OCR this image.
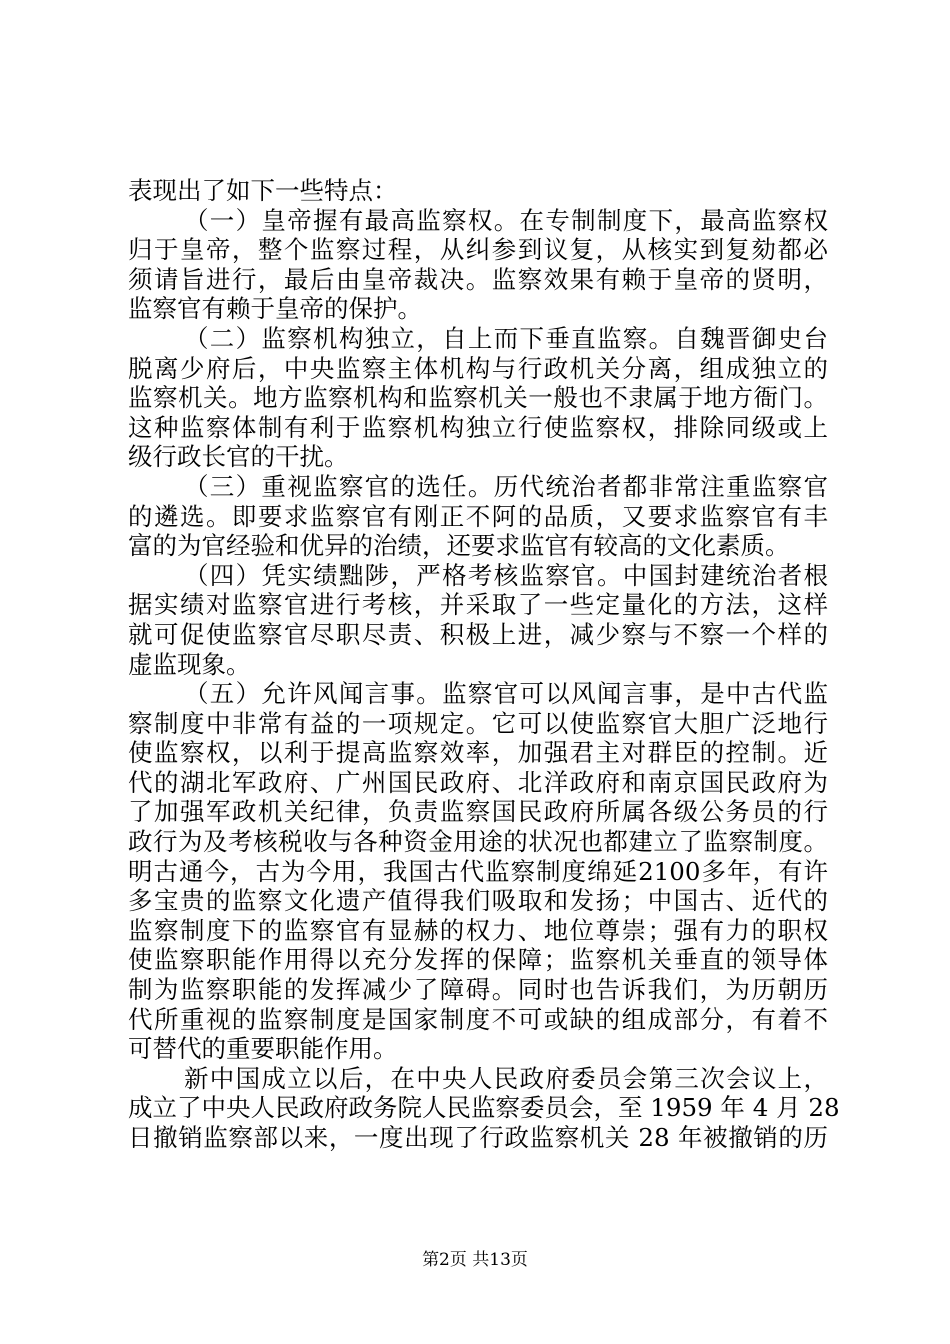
表现出了如下一些特点：
（一）皇帝握有最高监察权。在专制制度下，最高监察权
归于皇帝，整个监察过程，从纠参到议复，从核实到复劾都必
须请旨进行，最后由皇帝裁决。监察效果有赖于皇帝的贤明，
监察官有赖于皇帝的保护。
（二）监察机构独立，自上而下垂直监察。自魏晋御史台
脱离少府后，中央监察主体机构与行政机关分离，组成独立的
监察机关。地方监察机构和监察机关一般也不隶属于地方衙门。
这种监察体制有利于监察机构独立行使监察权，排除同级或上
级行政长官的干扰。
（三）重视监察官的选任。历代统治者都非常注重监察官
的遴选。即要求监察官有刚正不阿的品质，又要求监察官有丰
富的为官经验和优异的治绩，还要求监官有较高的文化素质。
（四）凭实绩黜陟，严格考核监察官。中国封建统治者根
据实绩对监察官进行考核，并采取了一些定量化的方法，这样
就可促使监察官尽职尽责、积极上进，减少察与不察一个样的
虚监现象。
（五）允许风闻言事。监察官可以风闻言事，是中古代监
察制度中非常有益的一项规定。它可以使监察官大胆广泛地行
使监察权，以利于提高监察效率，加强君主对群臣的控制。近
代的湖北军政府、广州国民政府、北洋政府和南京国民政府为
了加强军政机关纪律，负责监察国民政府所属各级公务员的行
政行为及考核税收与各种资金用途的状况也都建立了监察制度。
明古通今，古为今用，我国古代监察制度绵延2100多年，有许
多宝贵的监察文化遗产值得我们吸取和发扬；中国古、近代的
监察制度下的监察官有显赫的权力、地位尊崇；强有力的职权
使监察职能作用得以充分发挥的保障；监察机关垂直的领导体
制为监察职能的发挥减少了障碍。同时也告诉我们，为历朝历
代所重视的监察制度是国家制度不可或缺的组成部分，有着不
可替代的重要职能作用。
新中国成立以后，在中央人民政府委员会第三次会议上，
成立了中央人民政府政务院人民监察委员会，至 1959 年 4 月 28
日撤销监察部以来，一度出现了行政监察机关 28 年被撤销的历
第2页 共13页
